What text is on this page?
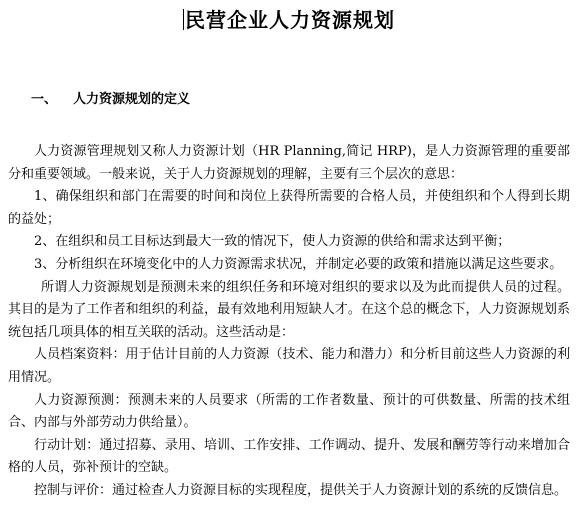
民营企业人力资源规划
一、 人力资源规划的定义

人力资源管理规划又称人力资源计划（HR Planning,简记 HRP)，是人力资源管理的重要部分和重要领域。一般来说，关于人力资源规划的理解，主要有三个层次的意思：

1、确保组织和部门在需要的时间和岗位上获得所需要的合格人员，并使组织和个人得到长期的益处；

2、在组织和员工目标达到最大一致的情况下，使人力资源的供给和需求达到平衡；

3、分析组织在环境变化中的人力资源需求状况，并制定必要的政策和措施以满足这些要求。

所谓人力资源规划是预测未来的组织任务和环境对组织的要求以及为此而提供人员的过程。其目的是为了工作者和组织的利益，最有效地利用短缺人才。在这个总的概念下，人力资源规划系统包括几项具体的相互关联的活动。这些活动是：

人员档案资料：用于估计目前的人力资源（技术、能力和潜力）和分析目前这些人力资源的利用情况。

人力资源预测：预测未来的人员要求（所需的工作者数量、预计的可供数量、所需的技术组合、内部与外部劳动力供给量）。

行动计划：通过招募、录用、培训、工作安排、工作调动、提升、发展和酬劳等行动来增加合格的人员，弥补预计的空缺。

控制与评价：通过检查人力资源目标的实现程度，提供关于人力资源计划的系统的反馈信息。
